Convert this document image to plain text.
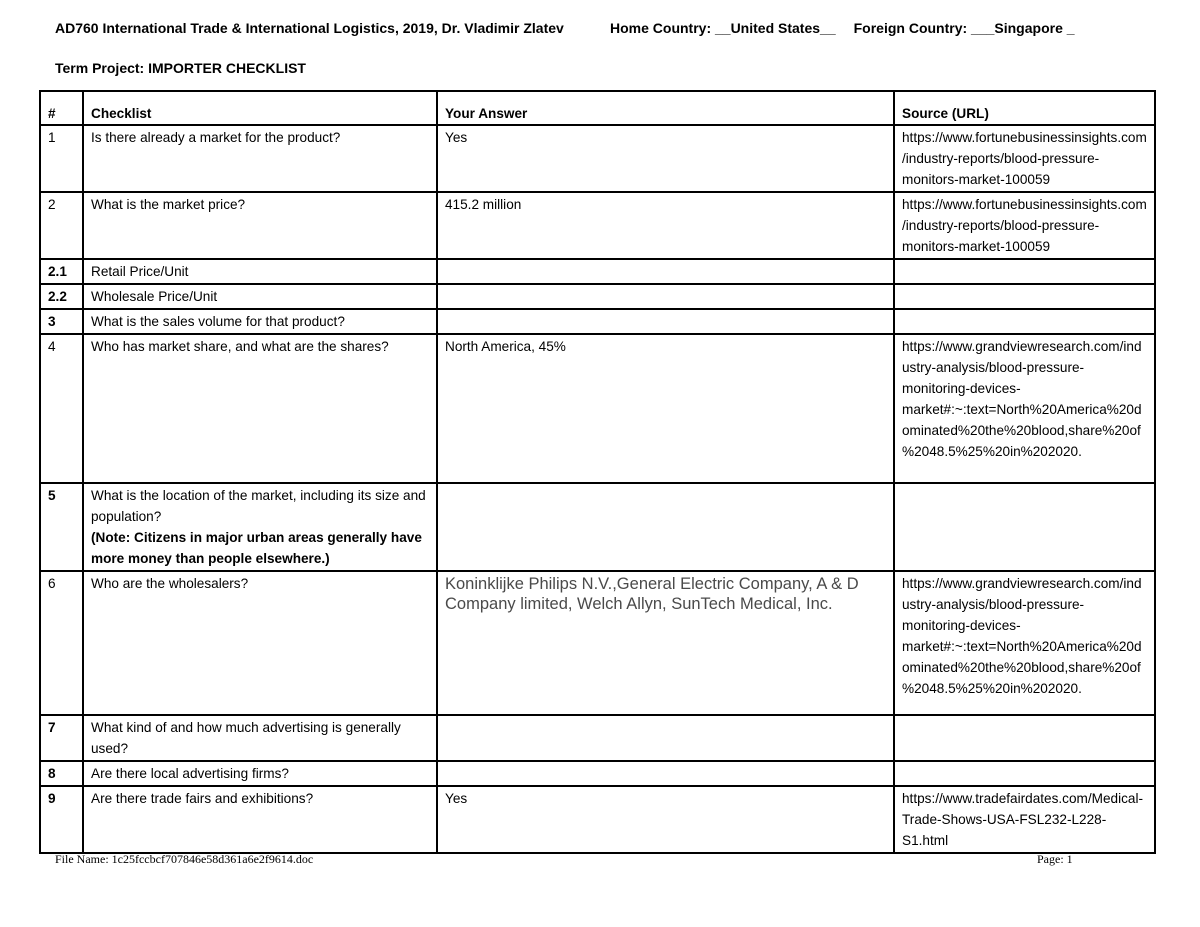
AD760 International Trade & International Logistics, 2019, Dr. Vladimir Zlatev	Home Country: __United States__ Foreign Country: ___Singapore _
Term Project: IMPORTER CHECKLIST
#	Checklist	Your Answer	Source (URL)
1	Is there already a market for the product?	Yes	https://www.fortunebusinessinsights.com/industry-reports/blood-pressure-monitors-market-100059
2	What is the market price?	415.2 million	https://www.fortunebusinessinsights.com/industry-reports/blood-pressure-monitors-market-100059
2.1	Retail Price/Unit		
2.2	Wholesale Price/Unit		
3	What is the sales volume for that product?		
4	Who has market share, and what are the shares?	North America, 45%	https://www.grandviewresearch.com/industry-analysis/blood-pressure-monitoring-devices-market#:~:text=North%20America%20dominated%20the%20blood,share%20of%2048.5%25%20in%202020.
5	What is the location of the market, including its size and population?
(Note: Citizens in major urban areas generally have more money than people elsewhere.)		

6	Who are the wholesalers?	Koninklijke Philips N.V.,General Electric Company, A & D Company limited, Welch Allyn, SunTech Medical, Inc.	https://www.grandviewresearch.com/industry-analysis/blood-pressure-monitoring-devices-market#:~:text=North%20America%20dominated%20the%20blood,share%20of%2048.5%25%20in%202020.
7	What kind of and how much advertising is generally used?		
8	Are there local advertising firms?		
9	Are there trade fairs and exhibitions?	Yes	https://www.tradefairdates.com/Medical-Trade-Shows-USA-FSL232-L228-S1.html
File Name: 1c25fccbcf707846e58d361a6e2f9614.doc	Page: 1
